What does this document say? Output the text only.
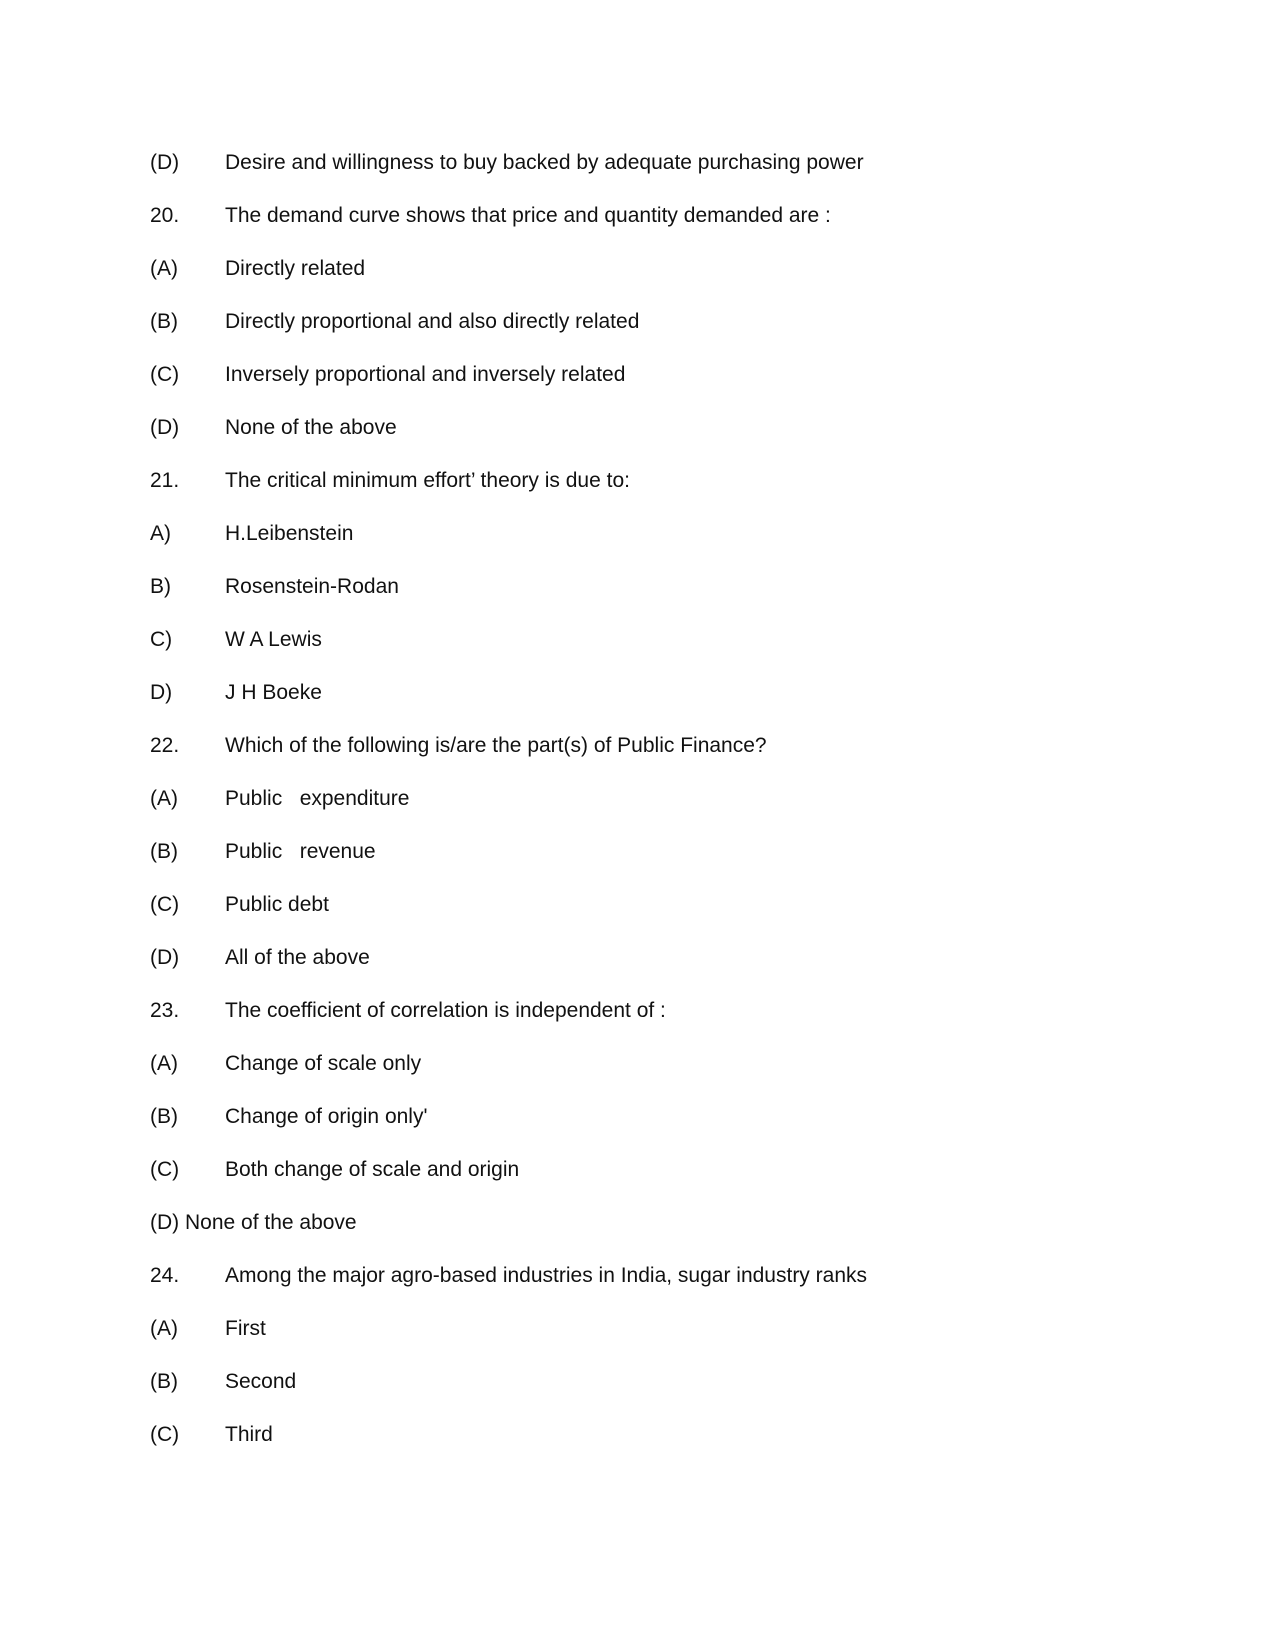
(D)	Desire and willingness to buy backed by adequate purchasing power
20.	The demand curve shows that price and quantity demanded are :
(A)	Directly related
(B)	Directly proportional and also directly related
(C)	Inversely proportional and inversely related
(D)	None of the above
21.	The critical minimum effort’ theory is due to:
A)	H.Leibenstein
B)	Rosenstein-Rodan
C)	W A Lewis
D)	J H Boeke
22.	Which of the following is/are the part(s) of Public Finance?
(A)	Public   expenditure
(B)	Public   revenue
(C)	Public debt
(D)	All of the above
23.	The coefficient of correlation is independent of :
(A)	Change of scale only
(B)	Change of origin only'
(C)	Both change of scale and origin
(D) None of the above
24.	Among the major agro-based industries in India, sugar industry ranks
(A)	First
(B)	Second
(C)	Third
